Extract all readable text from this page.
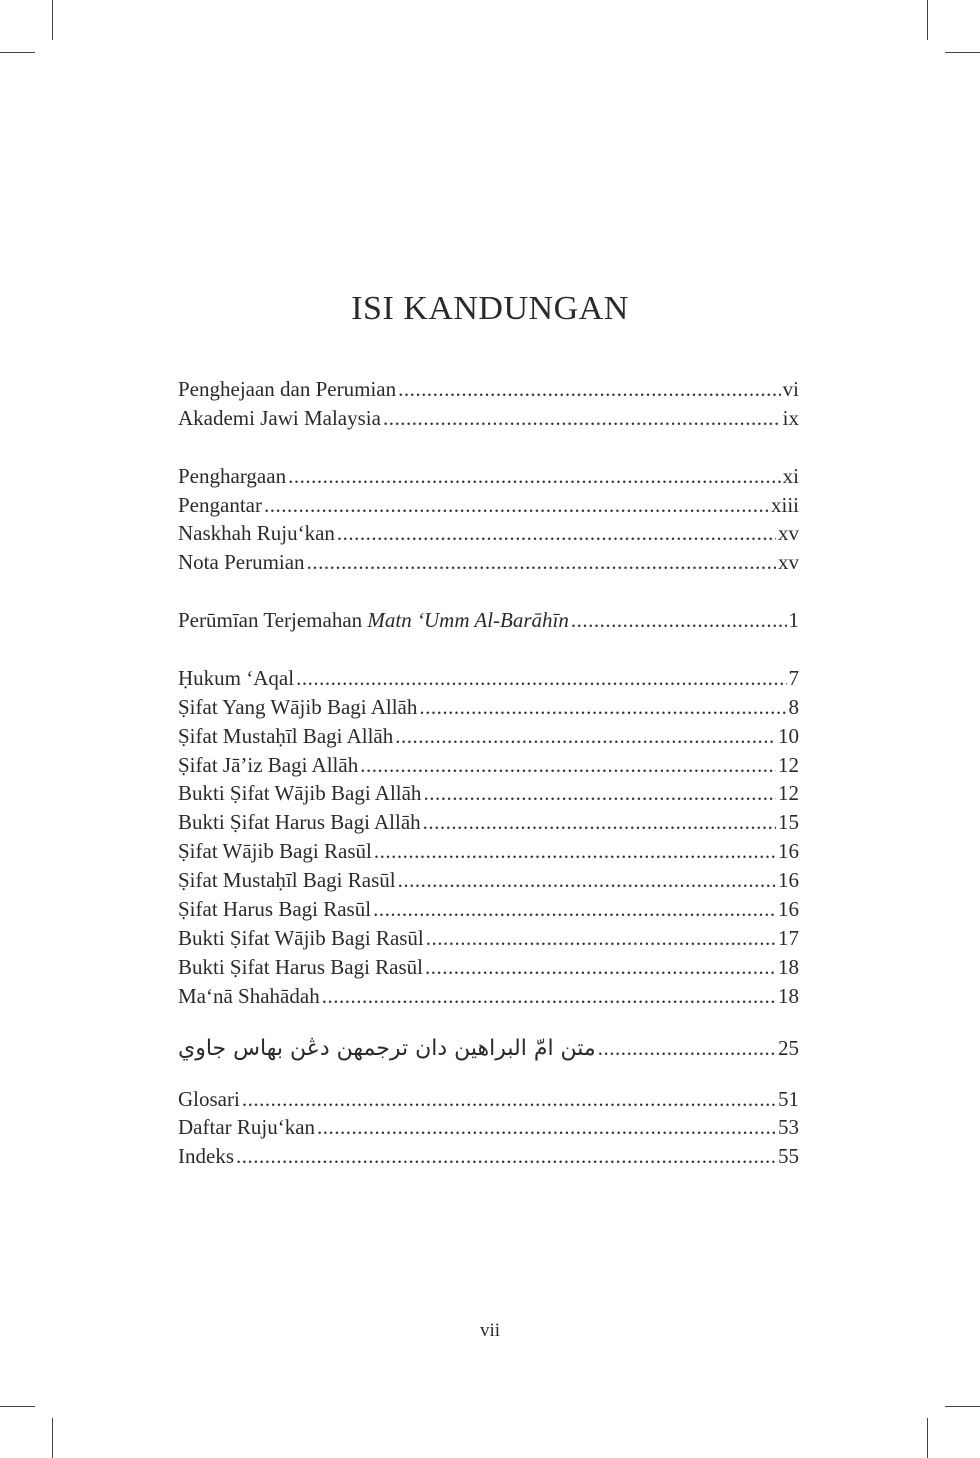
ISI KANDUNGAN
Penghejaan dan Perumian .....	vi
Akademi Jawi Malaysia .....	ix
Penghargaan .....	xi
Pengantar .....	xiii
Naskhah Ruju‘kan .....	xv
Nota Perumian .....	xv
Perūmīan Terjemahan Matn ‘Umm Al-Barāhīn .....	1
Ḥukum ‘Aqal .....	7
Ṣifat Yang Wājib Bagi Allāh .....	8
Ṣifat Mustaḥīl Bagi Allāh .....	10
Ṣifat Jā’iz Bagi Allāh .....	12
Bukti Ṣifat Wājib Bagi Allāh .....	12
Bukti Ṣifat Harus Bagi Allāh .....	15
Ṣifat Wājib Bagi Rasūl .....	16
Ṣifat Mustaḥīl Bagi Rasūl .....	16
Ṣifat Harus Bagi Rasūl .....	16
Bukti Ṣifat Wājib Bagi Rasūl .....	17
Bukti Ṣifat Harus Bagi Rasūl .....	18
Ma‘nā Shahādah .....	18
متن امّ البراهين دان ترجمهن دڠن بهاس جاوي .....	25
Glosari .....	51
Daftar Ruju‘kan .....	53
Indeks .....	55
vii
